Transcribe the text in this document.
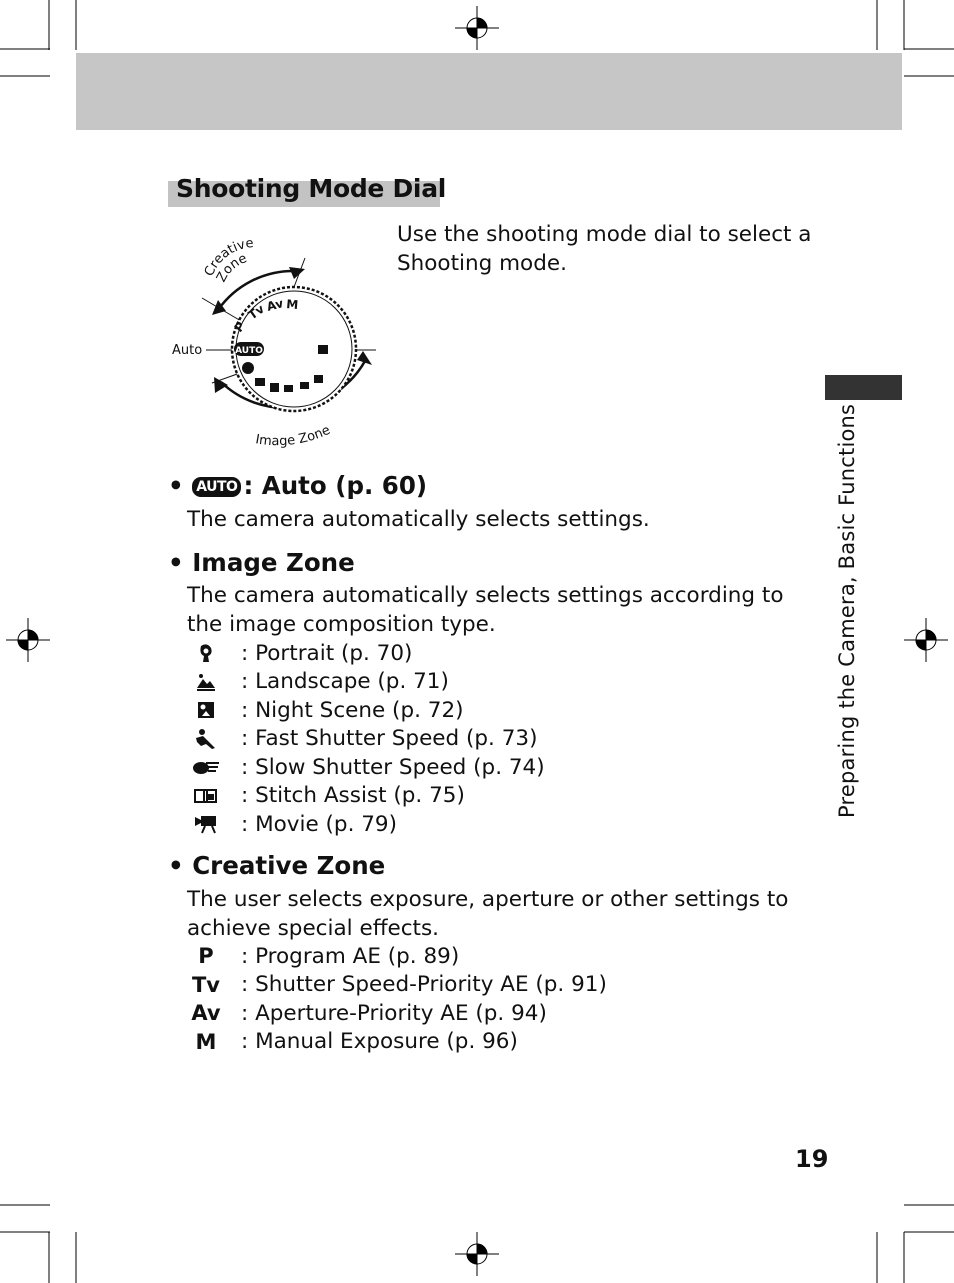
Shooting Mode Dial
Creative
Zone
Image Zone
Auto	AUTO
P
Tv
Av M
Use the shooting mode dial to select a Shooting mode.
• AUTO : Auto (p. 60)
The camera automatically selects settings.
• Image Zone
The camera automatically selects settings according to
the image composition type.
: Portrait (p. 70)
: Landscape (p. 71)
: Night Scene (p. 72)
: Fast Shutter Speed (p. 73)
: Slow Shutter Speed (p. 74)
: Stitch Assist (p. 75)
: Movie (p. 79)
• Creative Zone
The user selects exposure, aperture or other settings to
achieve special effects.
P	: Program AE (p. 89)
Tv : Shutter Speed-Priority AE (p. 91)
Av : Aperture-Priority AE (p. 94)
M	: Manual Exposure (p. 96)
Preparing the Camera, Basic Functions
19
